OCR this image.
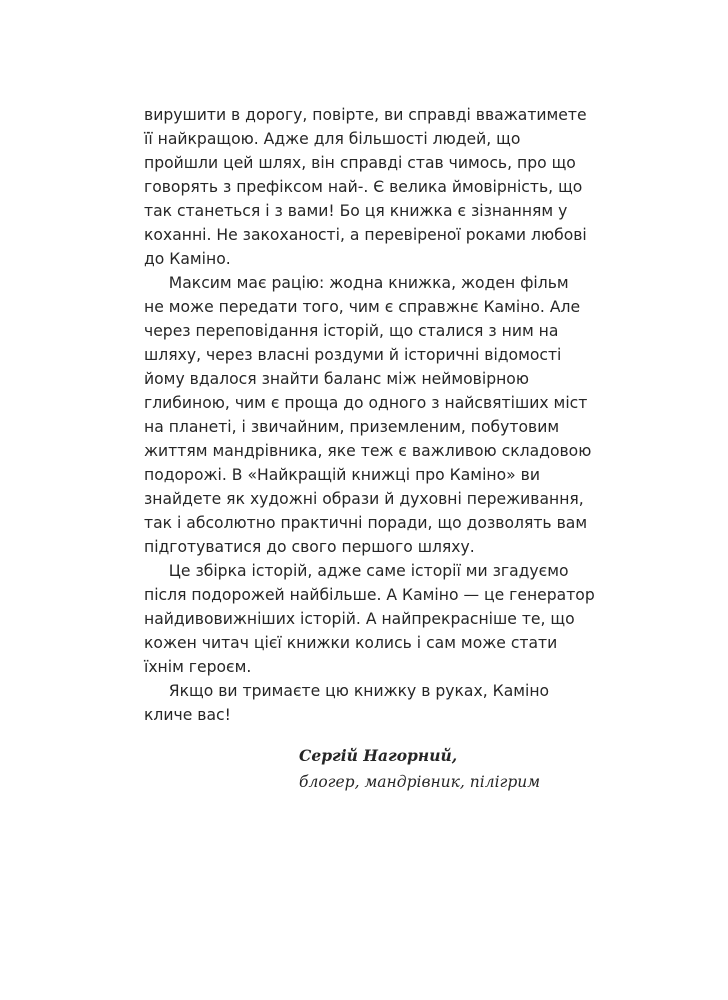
вирушити в дорогу, повірте, ви справді вважатимете
її найкращою. Адже для більшості людей, що
пройшли цей шлях, він справді став чимось, про що
говорять з префіксом най-. Є велика ймовірність, що
так станеться і з вами! Бо ця книжка є зізнанням у
коханні. Не закоханості, а перевіреної роками любові
до Каміно.
Максим має рацію: жодна книжка, жоден фільм
не може передати того, чим є справжнє Каміно. Але
через переповідання історій, що сталися з ним на
шляху, через власні роздуми й історичні відомості
йому вдалося знайти баланс між неймовірною
глибиною, чим є проща до одного з найсвятіших міст
на планеті, і звичайним, приземленим, побутовим
життям мандрівника, яке теж є важливою складовою
подорожі. В «Найкращій книжці про Каміно» ви
знайдете як художні образи й духовні переживання,
так і абсолютно практичні поради, що дозволять вам
підготуватися до свого першого шляху.
Це збірка історій, адже саме історії ми згадуємо
після подорожей найбільше. А Каміно — це генератор
найдивовижніших історій. А найпрекрасніше те, що
кожен читач цієї книжки колись і сам може стати
їхнім героєм.
Якщо ви тримаєте цю книжку в руках, Каміно
кличе вас!
Сергій Нагорний,
блогер, мандрівник, пілігрим
